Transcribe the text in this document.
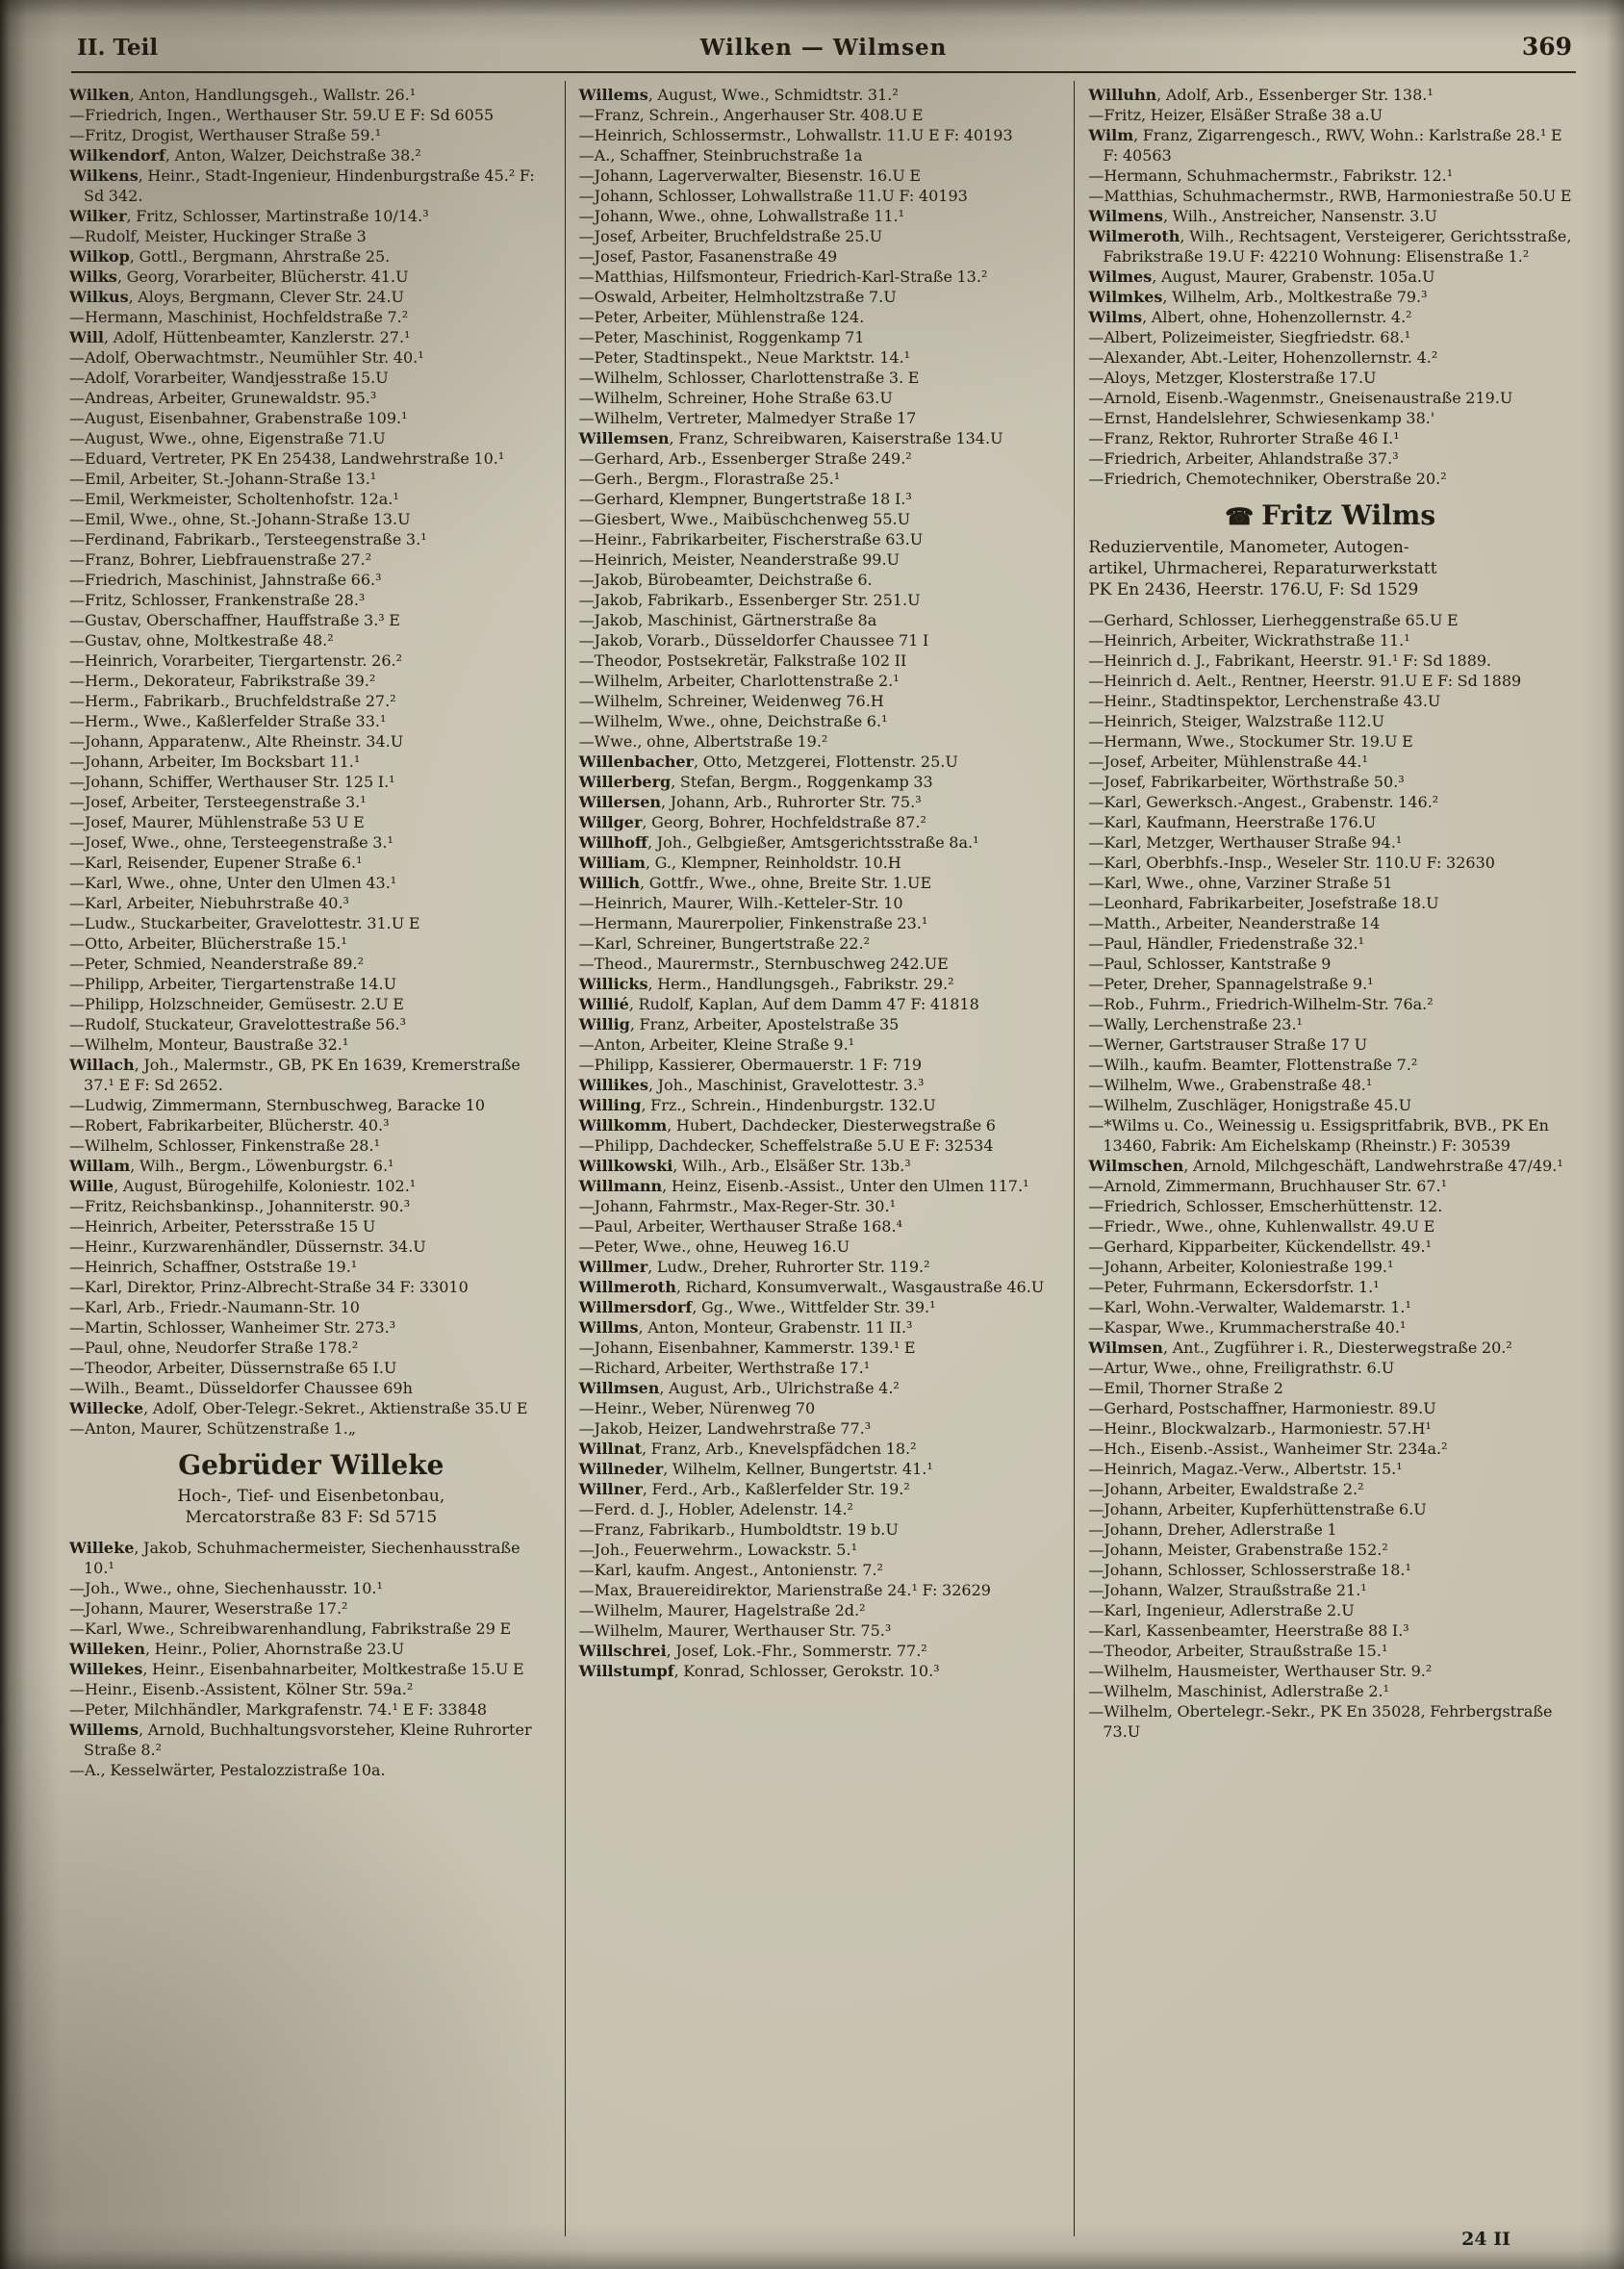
II. Teil	Wilken — Wilmsen	369

Wilken, Anton, Handlungsgeh., Wallstr. 26.¹

—Friedrich, Ingen., Werthauser Str. 59.U E F: Sd 6055

—Fritz, Drogist, Werthauser Straße 59.¹

Wilkendorf, Anton, Walzer, Deichstraße 38.²

Wilkens, Heinr., Stadt-Ingenieur, Hindenburgstraße 45.² F: Sd 342.

Wilker, Fritz, Schlosser, Martinstraße 10/14.³

—Rudolf, Meister, Huckinger Straße 3

Wilkop, Gottl., Bergmann, Ahrstraße 25.

Wilks, Georg, Vorarbeiter, Blücherstr. 41.U

Wilkus, Aloys, Bergmann, Clever Str. 24.U

—Hermann, Maschinist, Hochfeldstraße 7.²

Will, Adolf, Hüttenbeamter, Kanzlerstr. 27.¹

—Adolf, Oberwachtmstr., Neumühler Str. 40.¹

—Adolf, Vorarbeiter, Wandjesstraße 15.U

—Andreas, Arbeiter, Grunewaldstr. 95.³

—August, Eisenbahner, Grabenstraße 109.¹

—August, Wwe., ohne, Eigenstraße 71.U

—Eduard, Vertreter, PK En 25438, Landwehrstraße 10.¹

—Emil, Arbeiter, St.-Johann-Straße 13.¹

—Emil, Werkmeister, Scholtenhofstr. 12a.¹

—Emil, Wwe., ohne, St.-Johann-Straße 13.U

—Ferdinand, Fabrikarb., Tersteegenstraße 3.¹

—Franz, Bohrer, Liebfrauenstraße 27.²

—Friedrich, Maschinist, Jahnstraße 66.³

—Fritz, Schlosser, Frankenstraße 28.³

—Gustav, Oberschaffner, Hauffstraße 3.³ E

—Gustav, ohne, Moltkestraße 48.²

—Heinrich, Vorarbeiter, Tiergartenstr. 26.²

—Herm., Dekorateur, Fabrikstraße 39.²

—Herm., Fabrikarb., Bruchfeldstraße 27.²

—Herm., Wwe., Kaßlerfelder Straße 33.¹

—Johann, Apparatenw., Alte Rheinstr. 34.U

—Johann, Arbeiter, Im Bocksbart 11.¹

—Johann, Schiffer, Werthauser Str. 125 I.¹

—Josef, Arbeiter, Tersteegenstraße 3.¹

—Josef, Maurer, Mühlenstraße 53 U E

—Josef, Wwe., ohne, Tersteegenstraße 3.¹

—Karl, Reisender, Eupener Straße 6.¹

—Karl, Wwe., ohne, Unter den Ulmen 43.¹

—Karl, Arbeiter, Niebuhrstraße 40.³

—Ludw., Stuckarbeiter, Gravelottestr. 31.U E

—Otto, Arbeiter, Blücherstraße 15.¹

—Peter, Schmied, Neanderstraße 89.²

—Philipp, Arbeiter, Tiergartenstraße 14.U

—Philipp, Holzschneider, Gemüsestr. 2.U E

—Rudolf, Stuckateur, Gravelottestraße 56.³

—Wilhelm, Monteur, Baustraße 32.¹

Willach, Joh., Malermstr., GB, PK En 1639, Kremerstraße 37.¹ E F: Sd 2652.

—Ludwig, Zimmermann, Sternbuschweg, Baracke 10

—Robert, Fabrikarbeiter, Blücherstr. 40.³

—Wilhelm, Schlosser, Finkenstraße 28.¹

Willam, Wilh., Bergm., Löwenburgstr. 6.¹

Wille, August, Bürogehilfe, Koloniestr. 102.¹

—Fritz, Reichsbankinsp., Johanniterstr. 90.³

—Heinrich, Arbeiter, Petersstraße 15 U

—Heinr., Kurzwarenhändler, Düssernstr. 34.U

—Heinrich, Schaffner, Oststraße 19.¹

—Karl, Direktor, Prinz-Albrecht-Straße 34 F: 33010

—Karl, Arb., Friedr.-Naumann-Str. 10

—Martin, Schlosser, Wanheimer Str. 273.³

—Paul, ohne, Neudorfer Straße 178.²

—Theodor, Arbeiter, Düssernstraße 65 I.U

—Wilh., Beamt., Düsseldorfer Chaussee 69h

Willecke, Adolf, Ober-Telegr.-Sekret., Aktienstraße 35.U E

—Anton, Maurer, Schützenstraße 1.„

Gebrüder Willeke

Hoch-, Tief- und Eisenbetonbau,

Mercatorstraße 83 F: Sd 5715

Willeke, Jakob, Schuhmachermeister, Siechenhausstraße 10.¹

—Joh., Wwe., ohne, Siechenhausstr. 10.¹

—Johann, Maurer, Weserstraße 17.²

—Karl, Wwe., Schreibwarenhandlung, Fabrikstraße 29 E

Willeken, Heinr., Polier, Ahornstraße 23.U

Willekes, Heinr., Eisenbahnarbeiter, Moltkestraße 15.U E

—Heinr., Eisenb.-Assistent, Kölner Str. 59a.²

—Peter, Milchhändler, Markgrafenstr. 74.¹ E F: 33848

Willems, Arnold, Buchhaltungsvorsteher, Kleine Ruhrorter Straße 8.²

—A., Kesselwärter, Pestalozzistraße 10a.

Willems, August, Wwe., Schmidtstr. 31.²

—Franz, Schrein., Angerhauser Str. 408.U E

—Heinrich, Schlossermstr., Lohwallstr. 11.U E F: 40193

—A., Schaffner, Steinbruchstraße 1a

—Johann, Lagerverwalter, Biesenstr. 16.U E

—Johann, Schlosser, Lohwallstraße 11.U F: 40193

—Johann, Wwe., ohne, Lohwallstraße 11.¹

—Josef, Arbeiter, Bruchfeldstraße 25.U

—Josef, Pastor, Fasanenstraße 49

—Matthias, Hilfsmonteur, Friedrich-Karl-Straße 13.²

—Oswald, Arbeiter, Helmholtzstraße 7.U

—Peter, Arbeiter, Mühlenstraße 124.

—Peter, Maschinist, Roggenkamp 71

—Peter, Stadtinspekt., Neue Marktstr. 14.¹

—Wilhelm, Schlosser, Charlottenstraße 3. E

—Wilhelm, Schreiner, Hohe Straße 63.U

—Wilhelm, Vertreter, Malmedyer Straße 17

Willemsen, Franz, Schreibwaren, Kaiserstraße 134.U

—Gerhard, Arb., Essenberger Straße 249.²

—Gerh., Bergm., Florastraße 25.¹

—Gerhard, Klempner, Bungertstraße 18 I.³

—Giesbert, Wwe., Maibüschchenweg 55.U

—Heinr., Fabrikarbeiter, Fischerstraße 63.U

—Heinrich, Meister, Neanderstraße 99.U

—Jakob, Bürobeamter, Deichstraße 6.

—Jakob, Fabrikarb., Essenberger Str. 251.U

—Jakob, Maschinist, Gärtnerstraße 8a

—Jakob, Vorarb., Düsseldorfer Chaussee 71 I

—Theodor, Postsekretär, Falkstraße 102 II

—Wilhelm, Arbeiter, Charlottenstraße 2.¹

—Wilhelm, Schreiner, Weidenweg 76.H

—Wilhelm, Wwe., ohne, Deichstraße 6.¹

—Wwe., ohne, Albertstraße 19.²

Willenbacher, Otto, Metzgerei, Flottenstr. 25.U

Willerberg, Stefan, Bergm., Roggenkamp 33

Willersen, Johann, Arb., Ruhrorter Str. 75.³

Willger, Georg, Bohrer, Hochfeldstraße 87.²

Willhoff, Joh., Gelbgießer, Amtsgerichtsstraße 8a.¹

William, G., Klempner, Reinholdstr. 10.H

Willich, Gottfr., Wwe., ohne, Breite Str. 1.UE

—Heinrich, Maurer, Wilh.-Ketteler-Str. 10

—Hermann, Maurerpolier, Finkenstraße 23.¹

—Karl, Schreiner, Bungertstraße 22.²

—Theod., Maurermstr., Sternbuschweg 242.UE

Willicks, Herm., Handlungsgeh., Fabrikstr. 29.²

Willié, Rudolf, Kaplan, Auf dem Damm 47 F: 41818

Willig, Franz, Arbeiter, Apostelstraße 35

—Anton, Arbeiter, Kleine Straße 9.¹

—Philipp, Kassierer, Obermauerstr. 1 F: 719

Willikes, Joh., Maschinist, Gravelottestr. 3.³

Willing, Frz., Schrein., Hindenburgstr. 132.U

Willkomm, Hubert, Dachdecker, Diesterwegstraße 6

—Philipp, Dachdecker, Scheffelstraße 5.U E F: 32534

Willkowski, Wilh., Arb., Elsäßer Str. 13b.³

Willmann, Heinz, Eisenb.-Assist., Unter den Ulmen 117.¹

—Johann, Fahrmstr., Max-Reger-Str. 30.¹

—Paul, Arbeiter, Werthauser Straße 168.⁴

—Peter, Wwe., ohne, Heuweg 16.U

Willmer, Ludw., Dreher, Ruhrorter Str. 119.²

Willmeroth, Richard, Konsumverwalt., Wasgaustraße 46.U

Willmersdorf, Gg., Wwe., Wittfelder Str. 39.¹

Willms, Anton, Monteur, Grabenstr. 11 II.³

—Johann, Eisenbahner, Kammerstr. 139.¹ E

—Richard, Arbeiter, Werthstraße 17.¹

Willmsen, August, Arb., Ulrichstraße 4.²

—Heinr., Weber, Nürenweg 70

—Jakob, Heizer, Landwehrstraße 77.³

Willnat, Franz, Arb., Knevelspfädchen 18.²

Willneder, Wilhelm, Kellner, Bungertstr. 41.¹

Willner, Ferd., Arb., Kaßlerfelder Str. 19.²

—Ferd. d. J., Hobler, Adelenstr. 14.²

—Franz, Fabrikarb., Humboldtstr. 19 b.U

—Joh., Feuerwehrm., Lowackstr. 5.¹

—Karl, kaufm. Angest., Antonienstr. 7.²

—Max, Brauereidirektor, Marienstraße 24.¹ F: 32629

—Wilhelm, Maurer, Hagelstraße 2d.²

—Wilhelm, Maurer, Werthauser Str. 75.³

Willschrei, Josef, Lok.-Fhr., Sommerstr. 77.²

Willstumpf, Konrad, Schlosser, Gerokstr. 10.³

Willuhn, Adolf, Arb., Essenberger Str. 138.¹

—Fritz, Heizer, Elsäßer Straße 38 a.U

Wilm, Franz, Zigarrengesch., RWV, Wohn.: Karlstraße 28.¹ E F: 40563

—Hermann, Schuhmachermstr., Fabrikstr. 12.¹

—Matthias, Schuhmachermstr., RWB, Harmoniestraße 50.U E

Wilmens, Wilh., Anstreicher, Nansenstr. 3.U

Wilmeroth, Wilh., Rechtsagent, Versteigerer, Gerichtsstraße, Fabrikstraße 19.U F: 42210 Wohnung: Elisenstraße 1.²

Wilmes, August, Maurer, Grabenstr. 105a.U

Wilmkes, Wilhelm, Arb., Moltkestraße 79.³

Wilms, Albert, ohne, Hohenzollernstr. 4.²

—Albert, Polizeimeister, Siegfriedstr. 68.¹

—Alexander, Abt.-Leiter, Hohenzollernstr. 4.²

—Aloys, Metzger, Klosterstraße 17.U

—Arnold, Eisenb.-Wagenmstr., Gneisenaustraße 219.U

—Ernst, Handelslehrer, Schwiesenkamp 38.'

—Franz, Rektor, Ruhrorter Straße 46 I.¹

—Friedrich, Arbeiter, Ahlandstraße 37.³

—Friedrich, Chemotechniker, Oberstraße 20.²

☎ Fritz Wilms

Reduzierventile, Manometer, Autogen-

artikel, Uhrmacherei, Reparaturwerkstatt

PK En 2436, Heerstr. 176.U, F: Sd 1529

—Gerhard, Schlosser, Lierheggenstraße 65.U E

—Heinrich, Arbeiter, Wickrathstraße 11.¹

—Heinrich d. J., Fabrikant, Heerstr. 91.¹ F: Sd 1889.

—Heinrich d. Aelt., Rentner, Heerstr. 91.U E F: Sd 1889

—Heinr., Stadtinspektor, Lerchenstraße 43.U

—Heinrich, Steiger, Walzstraße 112.U

—Hermann, Wwe., Stockumer Str. 19.U E

—Josef, Arbeiter, Mühlenstraße 44.¹

—Josef, Fabrikarbeiter, Wörthstraße 50.³

—Karl, Gewerksch.-Angest., Grabenstr. 146.²

—Karl, Kaufmann, Heerstraße 176.U

—Karl, Metzger, Werthauser Straße 94.¹

—Karl, Oberbhfs.-Insp., Weseler Str. 110.U F: 32630

—Karl, Wwe., ohne, Varziner Straße 51

—Leonhard, Fabrikarbeiter, Josefstraße 18.U

—Matth., Arbeiter, Neanderstraße 14

—Paul, Händler, Friedenstraße 32.¹

—Paul, Schlosser, Kantstraße 9

—Peter, Dreher, Spannagelstraße 9.¹

—Rob., Fuhrm., Friedrich-Wilhelm-Str. 76a.²

—Wally, Lerchenstraße 23.¹

—Werner, Gartstrauser Straße 17 U

—Wilh., kaufm. Beamter, Flottenstraße 7.²

—Wilhelm, Wwe., Grabenstraße 48.¹

—Wilhelm, Zuschläger, Honigstraße 45.U

—*Wilms u. Co., Weinessig u. Essigspritfabrik, BVB., PK En 13460, Fabrik: Am Eichelskamp (Rheinstr.) F: 30539

Wilmschen, Arnold, Milchgeschäft, Landwehrstraße 47/49.¹

—Arnold, Zimmermann, Bruchhauser Str. 67.¹

—Friedrich, Schlosser, Emscherhüttenstr. 12.

—Friedr., Wwe., ohne, Kuhlenwallstr. 49.U E

—Gerhard, Kipparbeiter, Kückendellstr. 49.¹

—Johann, Arbeiter, Koloniestraße 199.¹

—Peter, Fuhrmann, Eckersdorfstr. 1.¹

—Karl, Wohn.-Verwalter, Waldemarstr. 1.¹

—Kaspar, Wwe., Krummacherstraße 40.¹

Wilmsen, Ant., Zugführer i. R., Diesterwegstraße 20.²

—Artur, Wwe., ohne, Freiligrathstr. 6.U

—Emil, Thorner Straße 2

—Gerhard, Postschaffner, Harmoniestr. 89.U

—Heinr., Blockwalzarb., Harmoniestr. 57.H¹

—Hch., Eisenb.-Assist., Wanheimer Str. 234a.²

—Heinrich, Magaz.-Verw., Albertstr. 15.¹

—Johann, Arbeiter, Ewaldstraße 2.²

—Johann, Arbeiter, Kupferhüttenstraße 6.U

—Johann, Dreher, Adlerstraße 1

—Johann, Meister, Grabenstraße 152.²

—Johann, Schlosser, Schlosserstraße 18.¹

—Johann, Walzer, Straußstraße 21.¹

—Karl, Ingenieur, Adlerstraße 2.U

—Karl, Kassenbeamter, Heerstraße 88 I.³

—Theodor, Arbeiter, Straußstraße 15.¹

—Wilhelm, Hausmeister, Werthauser Str. 9.²

—Wilhelm, Maschinist, Adlerstraße 2.¹

—Wilhelm, Obertelegr.-Sekr., PK En 35028, Fehrbergstraße 73.U

24 II
